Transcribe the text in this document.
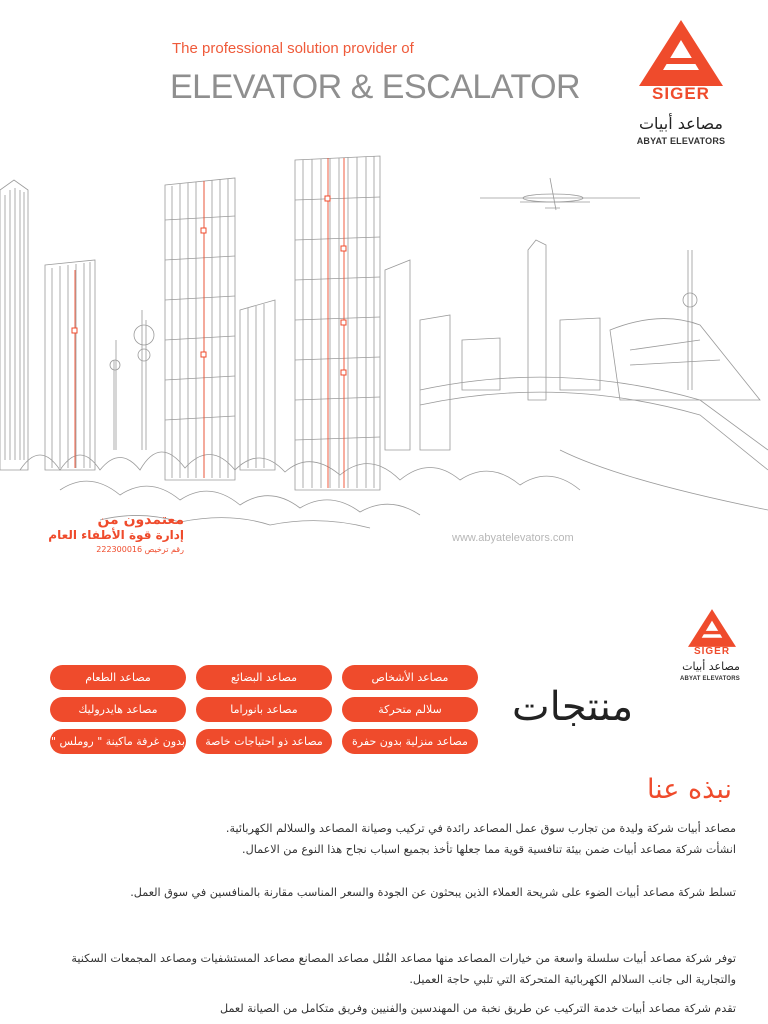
The professional solution provider of
ELEVATOR & ESCALATOR	SIGER
مصاعد أبيات
ABYAT ELEVATORS
معتمدون من
إدارة قوة الأطفاء العام
رقم ترخيص 222300016
www.abyatelevators.com
SIGER
مصاعد أبيات
ABYAT ELEVATORS
منتجات
مصاعد الأشخاص
مصاعد البضائع
مصاعد الطعام
سلالم متحركة
مصاعد بانوراما
مصاعد هايدروليك
مصاعد منزلية بدون حفرة
مصاعد ذو احتياجات خاصة
بدون غرفة ماكينة " روملس "
نبذه عنا
مصاعد أبيات شركة وليدة من تجارب سوق عمل المصاعد رائدة في تركيب وصيانة المصاعد والسلالم الكهربائية.
انشأت شركة مصاعد أبيات ضمن بيئة تنافسية قوية مما جعلها تأخذ بجميع اسباب نجاح هذا النوع من الاعمال.
تسلط شركة مصاعد أبيات الضوء على شريحة العملاء الذين يبحثون عن الجودة والسعر المناسب مقارنة بالمنافسين في سوق العمل.
توفر شركة مصاعد أبيات سلسلة واسعة من خيارات المصاعد منها مصاعد الفُلل مصاعد المصانع مصاعد المستشفيات ومصاعد المجمعات السكنية والتجارية الى جانب السلالم الكهربائية المتحركة التي تلبي حاجة العميل.
تقدم شركة مصاعد أبيات خدمة التركيب عن طريق نخبة من المهندسين والفنيين وفريق متكامل من الصيانة لعمل
